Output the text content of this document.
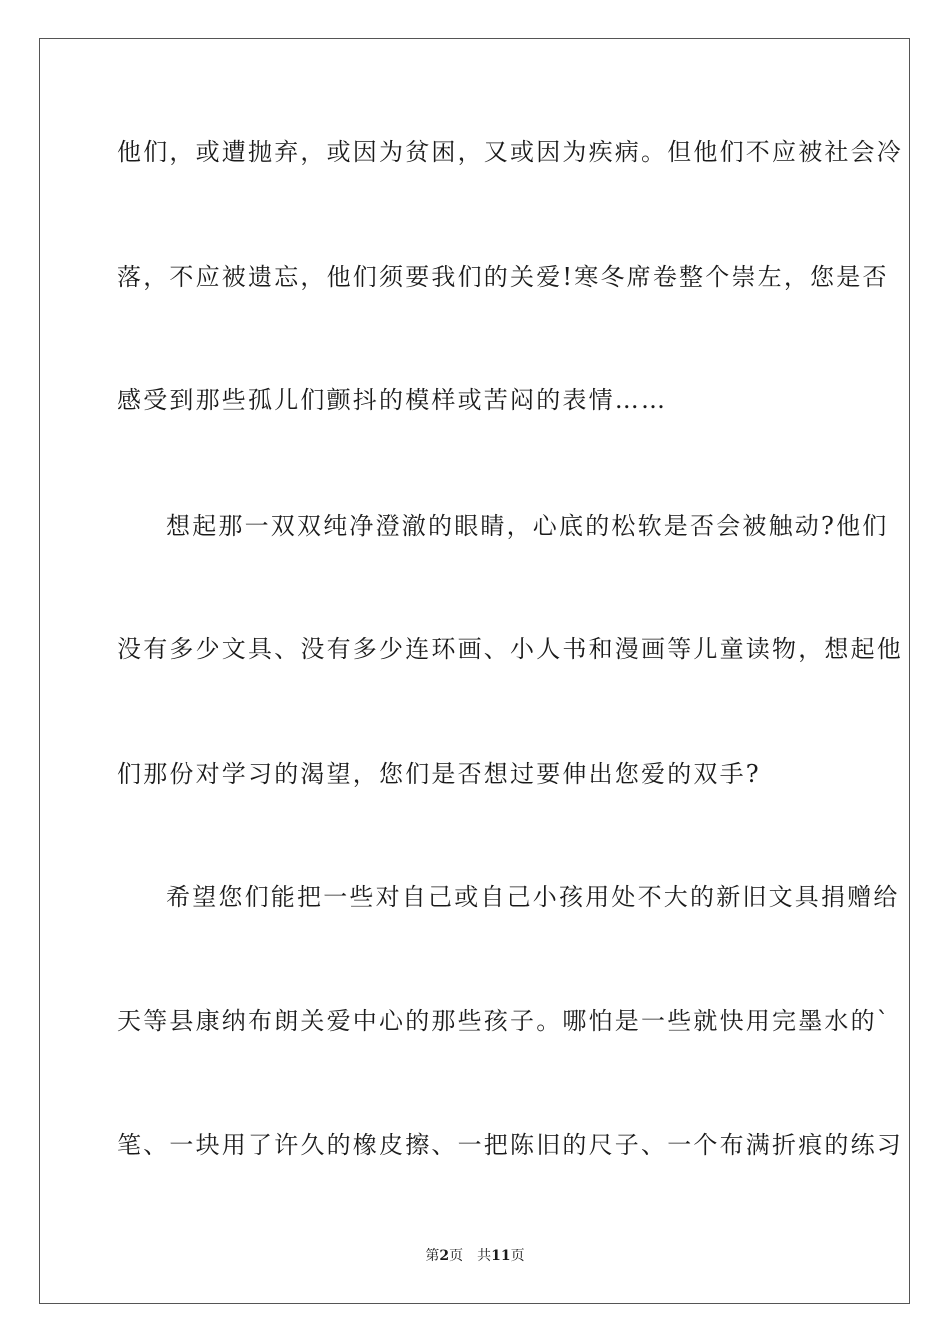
他们，或遭抛弃，或因为贫困，又或因为疾病。但他们不应被社会冷
落，不应被遗忘，他们须要我们的关爱!寒冬席卷整个崇左，您是否
感受到那些孤儿们颤抖的模样或苦闷的表情……
想起那一双双纯净澄澈的眼睛，心底的松软是否会被触动?他们
没有多少文具、没有多少连环画、小人书和漫画等儿童读物，想起他
们那份对学习的渴望，您们是否想过要伸出您爱的双手?
希望您们能把一些对自己或自己小孩用处不大的新旧文具捐赠给
天等县康纳布朗关爱中心的那些孩子。哪怕是一些就快用完墨水的`
笔、一块用了许久的橡皮擦、一把陈旧的尺子、一个布满折痕的练习
第2页 共11页
